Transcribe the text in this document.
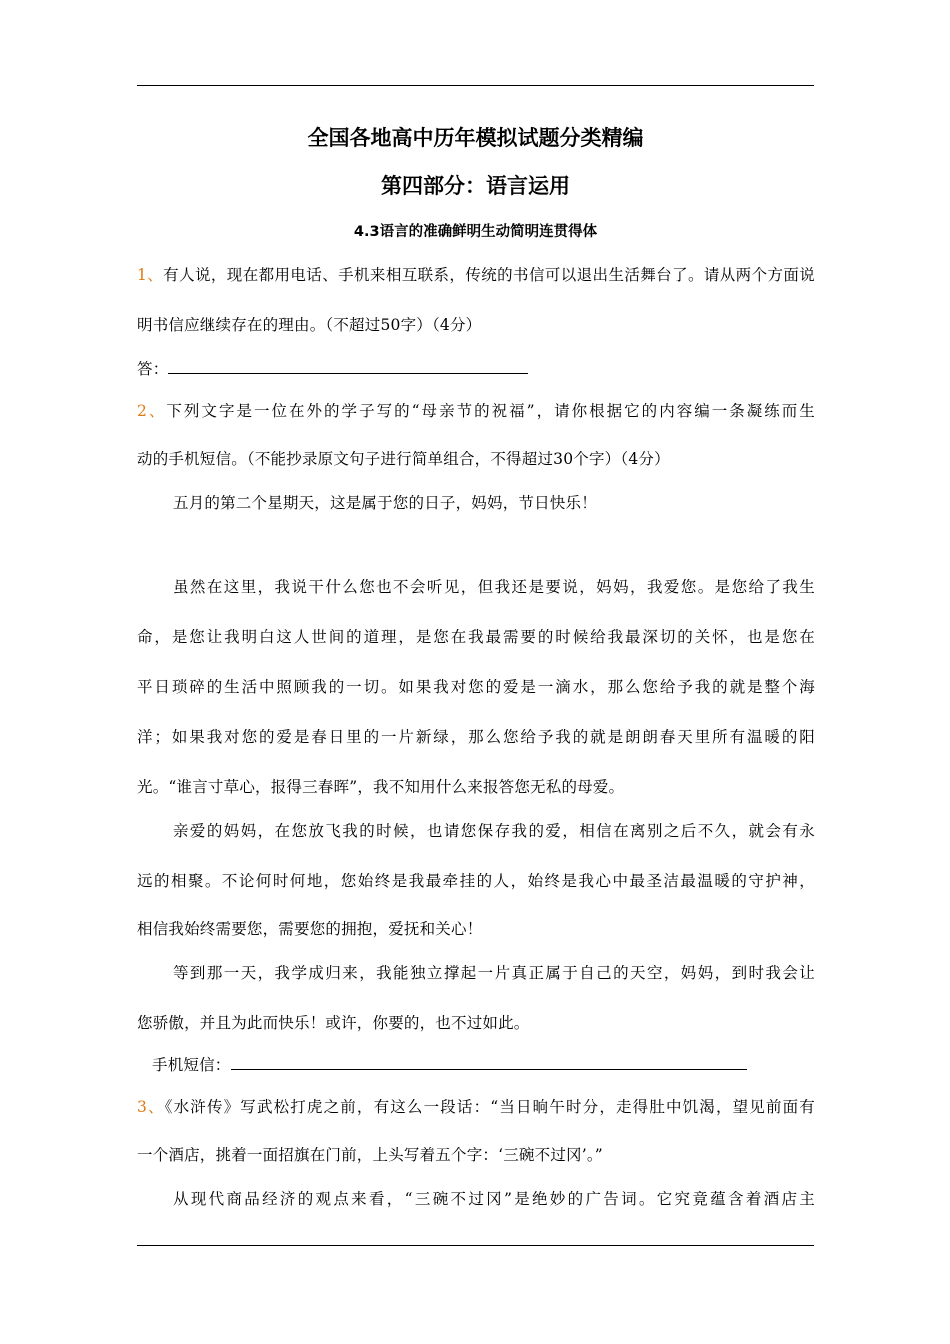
全国各地高中历年模拟试题分类精编
第四部分：语言运用
4.3语言的准确鲜明生动简明连贯得体
1、有人说，现在都用电话、手机来相互联系，传统的书信可以退出生活舞台了。请从两个方面说
明书信应继续存在的理由。（不超过50字）（4分）
答：
2、下列文字是一位在外的学子写的“母亲节的祝福”，请你根据它的内容编一条凝练而生
动的手机短信。（不能抄录原文句子进行简单组合，不得超过30个字）（4分）
五月的第二个星期天，这是属于您的日子，妈妈，节日快乐！
虽然在这里，我说干什么您也不会听见，但我还是要说，妈妈，我爱您。是您给了我生
命，是您让我明白这人世间的道理，是您在我最需要的时候给我最深切的关怀，也是您在
平日琐碎的生活中照顾我的一切。如果我对您的爱是一滴水，那么您给予我的就是整个海
洋；如果我对您的爱是春日里的一片新绿，那么您给予我的就是朗朗春天里所有温暖的阳
光。“谁言寸草心，报得三春晖”，我不知用什么来报答您无私的母爱。
亲爱的妈妈，在您放飞我的时候，也请您保存我的爱，相信在离别之后不久，就会有永
远的相聚。不论何时何地，您始终是我最牵挂的人，始终是我心中最圣洁最温暖的守护神，
相信我始终需要您，需要您的拥抱，爱抚和关心！
等到那一天，我学成归来，我能独立撑起一片真正属于自己的天空，妈妈，到时我会让
您骄傲，并且为此而快乐！或许，你要的，也不过如此。
手机短信：
3、《水浒传》写武松打虎之前，有这么一段话：“当日晌午时分，走得肚中饥渴，望见前面有
一个酒店，挑着一面招旗在门前，上头写着五个字：‘三碗不过冈’。”
从现代商品经济的观点来看，“三碗不过冈”是绝妙的广告词。它究竟蕴含着酒店主
